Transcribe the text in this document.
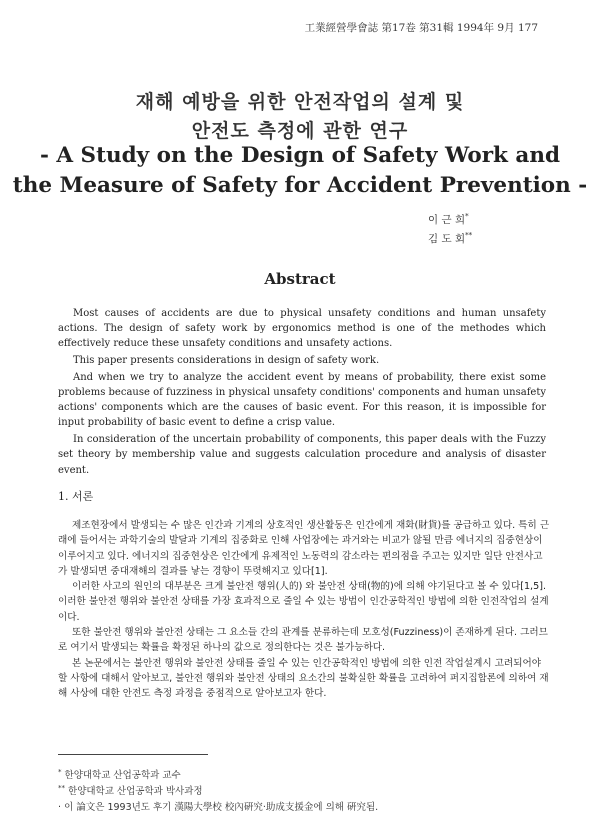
工業經營學會誌 第17卷 第31輯 1994年 9月 177
재해 예방을 위한 안전작업의 설계 및
안전도 측정에 관한 연구
- A Study on the Design of Safety Work and
the Measure of Safety for Accident Prevention -
이 근 희*
김 도 회**
Abstract

Most causes of accidents are due to physical unsafety conditions and human unsafety actions. The design of safety work by ergonomics method is one of the methodes which effectively reduce these unsafety conditions and unsafety actions.

This paper presents considerations in design of safety work.

And when we try to analyze the accident event by means of probability, there exist some problems because of fuzziness in physical unsafety conditions' components and human unsafety actions' components which are the causes of basic event. For this reason, it is impossible for input probability of basic event to define a crisp value.

In consideration of the uncertain probability of components, this paper deals with the Fuzzy set theory by membership value and suggests calculation procedure and analysis of disaster event.

1. 서론

제조현장에서 발생되는 수 많은 인간과 기계의 상호적인 생산활동은 인간에게 재화(財貨)를 공급하고 있다. 특히 근래에 들어서는 과학기술의 발달과 기계의 집중화로 인해 사업장에는 과거와는 비교가 않될 만큼 에너지의 집중현상이 이루어지고 있다. 에너지의 집중현상은 인간에게 유제적인 노동력의 감소라는 편의점을 주고는 있지만 일단 안전사고가 발생되면 중대재해의 결과를 낳는 경향이 뚜렷해지고 있다[1].

이러한 사고의 원인의 대부분은 크게 불안전 행위(人的) 와 불안전 상태(物的)에 의해 야기된다고 볼 수 있다[1,5]. 이러한 불안전 행위와 불안전 상태를 가장 효과적으로 줄일 수 있는 방법이 인간공학적인 방법에 의한 인전작업의 설계이다.

또한 불안전 행위와 불안전 상태는 그 요소들 간의 관계를 분류하는데 모호성(Fuzziness)이 존재하게 된다. 그러므로 여기서 발생되는 확률을 확정된 하나의 값으로 정의한다는 것은 불가능하다.

본 논문에서는 불안전 행위와 불안전 상태를 줄일 수 있는 인간공학적인 방법에 의한 인전 작업설계시 고려되어야 할 사항에 대해서 알아보고, 불안전 행위와 불안전 상태의 요소간의 불확실한 확률을 고려하여 퍼지집합론에 의하여 재해 사상에 대한 안전도 측정 과정을 중점적으로 알아보고자 한다.

* 한양대학교 산업공학과 교수
** 한양대학교 산업공학과 박사과정
· 이 論文은 1993년도 후기 漢陽大學校 校內硏究·助成支援金에 의해 硏究됨.
